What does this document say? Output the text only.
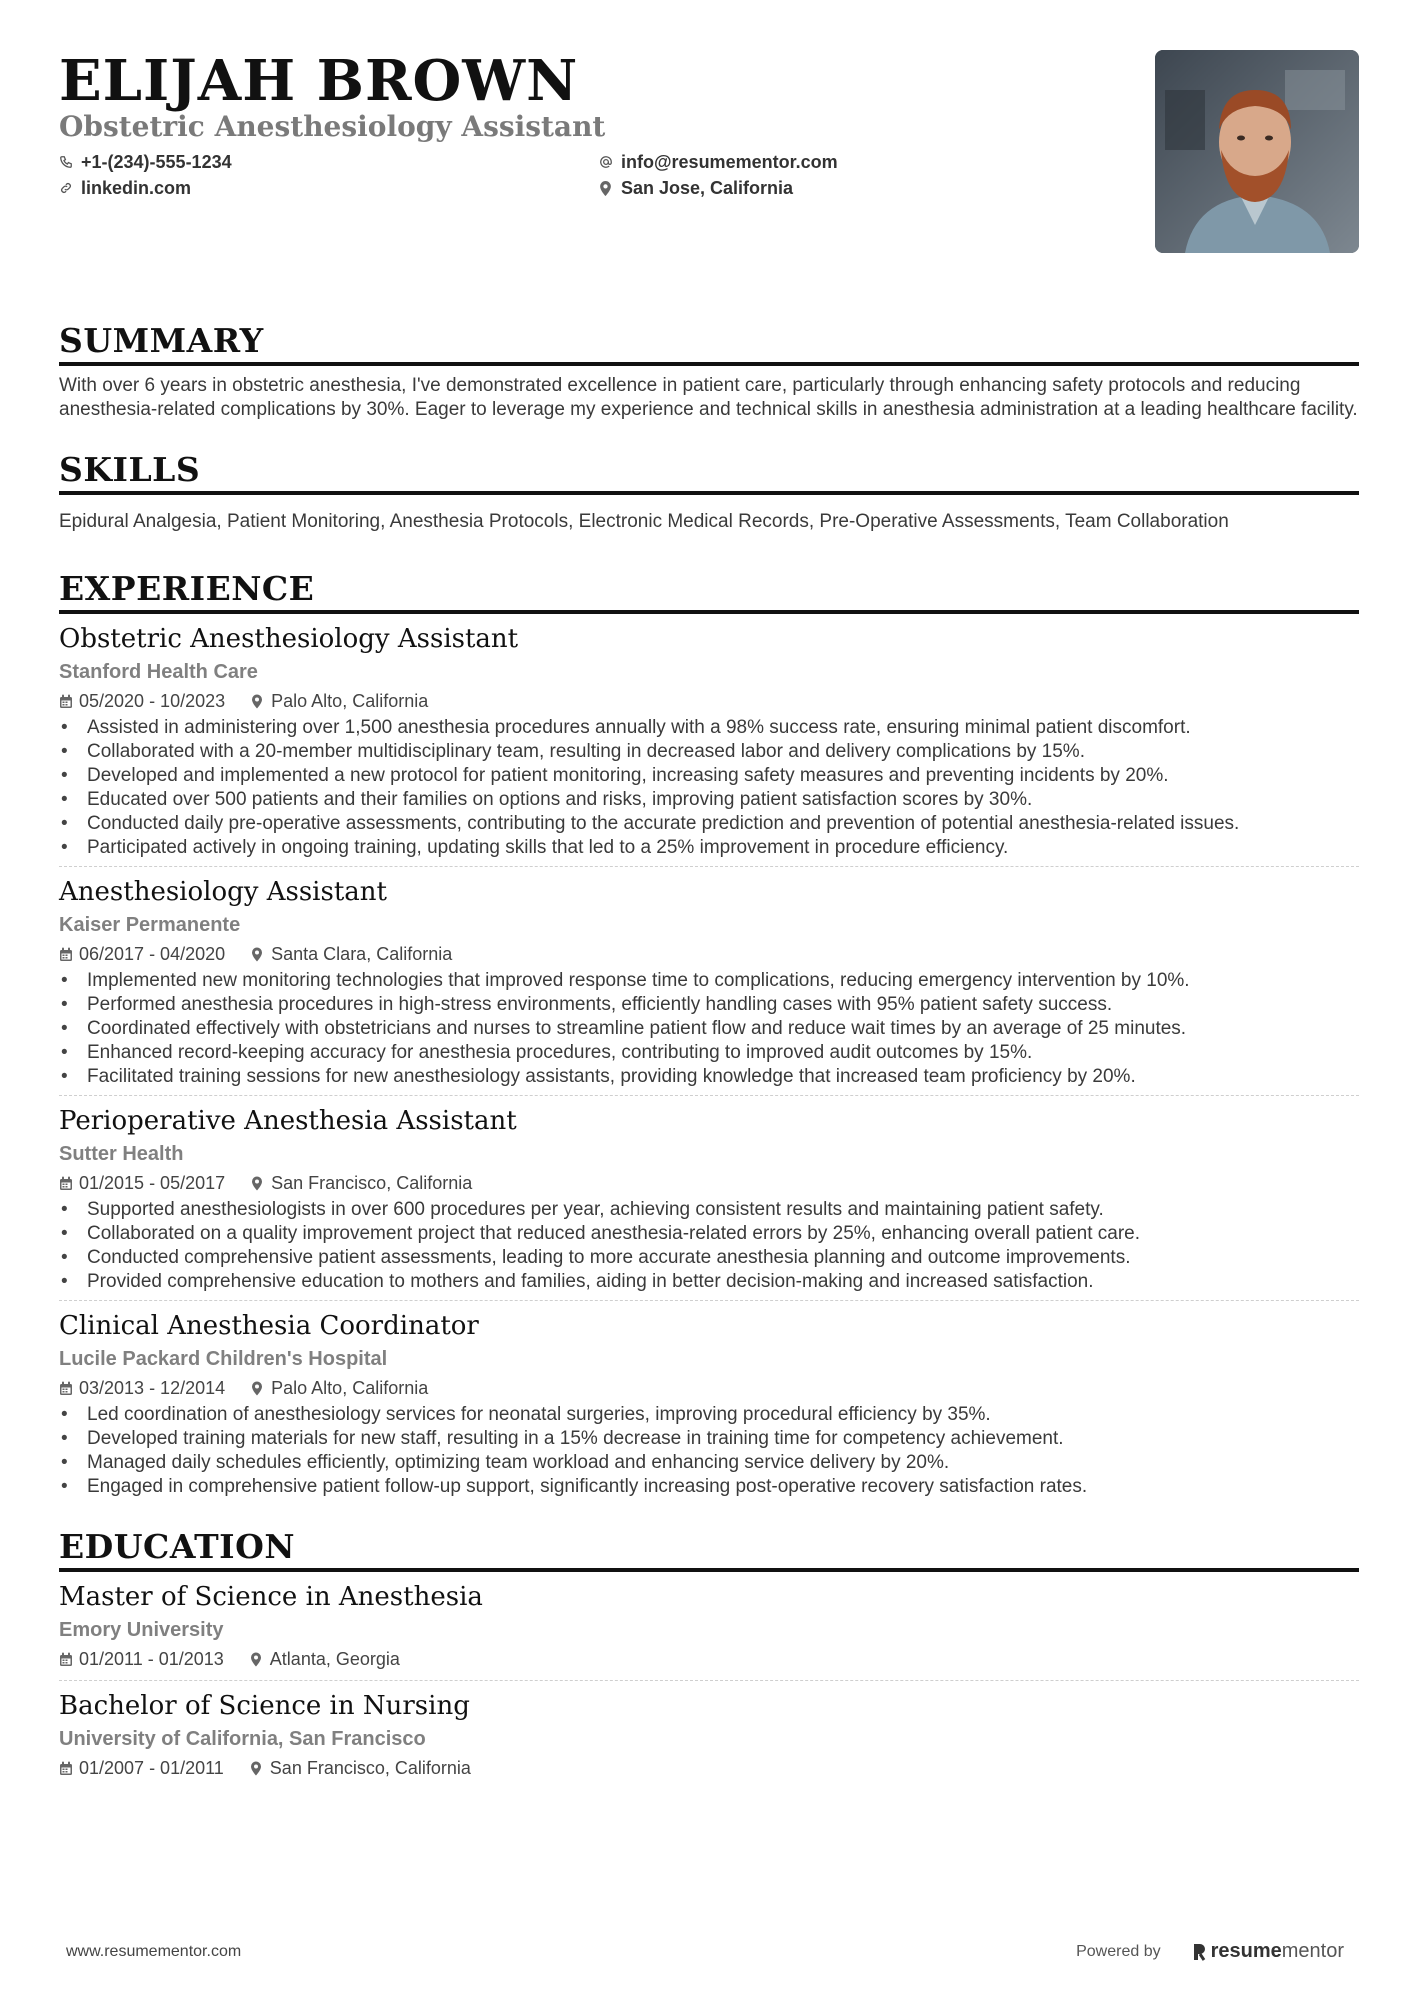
ELIJAH BROWN
Obstetric Anesthesiology Assistant
+1-(234)-555-1234	info@resumementor.com
linkedin.com	San Jose, California
SUMMARY
With over 6 years in obstetric anesthesia, I've demonstrated excellence in patient care, particularly through enhancing safety protocols and reducing anesthesia-related complications by 30%. Eager to leverage my experience and technical skills in anesthesia administration at a leading healthcare facility.
SKILLS
Epidural Analgesia, Patient Monitoring, Anesthesia Protocols, Electronic Medical Records, Pre-Operative Assessments, Team Collaboration
EXPERIENCE
Obstetric Anesthesiology Assistant
Stanford Health Care
05/2020 - 10/2023	Palo Alto, California
• Assisted in administering over 1,500 anesthesia procedures annually with a 98% success rate, ensuring minimal patient discomfort.
• Collaborated with a 20-member multidisciplinary team, resulting in decreased labor and delivery complications by 15%.
• Developed and implemented a new protocol for patient monitoring, increasing safety measures and preventing incidents by 20%.
• Educated over 500 patients and their families on options and risks, improving patient satisfaction scores by 30%.
• Conducted daily pre-operative assessments, contributing to the accurate prediction and prevention of potential anesthesia-related issues.
• Participated actively in ongoing training, updating skills that led to a 25% improvement in procedure efficiency.
Anesthesiology Assistant
Kaiser Permanente
06/2017 - 04/2020	Santa Clara, California
• Implemented new monitoring technologies that improved response time to complications, reducing emergency intervention by 10%.
• Performed anesthesia procedures in high-stress environments, efficiently handling cases with 95% patient safety success.
• Coordinated effectively with obstetricians and nurses to streamline patient flow and reduce wait times by an average of 25 minutes.
• Enhanced record-keeping accuracy for anesthesia procedures, contributing to improved audit outcomes by 15%.
• Facilitated training sessions for new anesthesiology assistants, providing knowledge that increased team proficiency by 20%.
Perioperative Anesthesia Assistant
Sutter Health
01/2015 - 05/2017	San Francisco, California
• Supported anesthesiologists in over 600 procedures per year, achieving consistent results and maintaining patient safety.
• Collaborated on a quality improvement project that reduced anesthesia-related errors by 25%, enhancing overall patient care.
• Conducted comprehensive patient assessments, leading to more accurate anesthesia planning and outcome improvements.
• Provided comprehensive education to mothers and families, aiding in better decision-making and increased satisfaction.
Clinical Anesthesia Coordinator
Lucile Packard Children's Hospital
03/2013 - 12/2014	Palo Alto, California
• Led coordination of anesthesiology services for neonatal surgeries, improving procedural efficiency by 35%.
• Developed training materials for new staff, resulting in a 15% decrease in training time for competency achievement.
• Managed daily schedules efficiently, optimizing team workload and enhancing service delivery by 20%.
• Engaged in comprehensive patient follow-up support, significantly increasing post-operative recovery satisfaction rates.
EDUCATION
Master of Science in Anesthesia
Emory University
01/2011 - 01/2013	Atlanta, Georgia
Bachelor of Science in Nursing
University of California, San Francisco
01/2007 - 01/2011	San Francisco, California
www.resumementor.com	Powered by	resume mentor
